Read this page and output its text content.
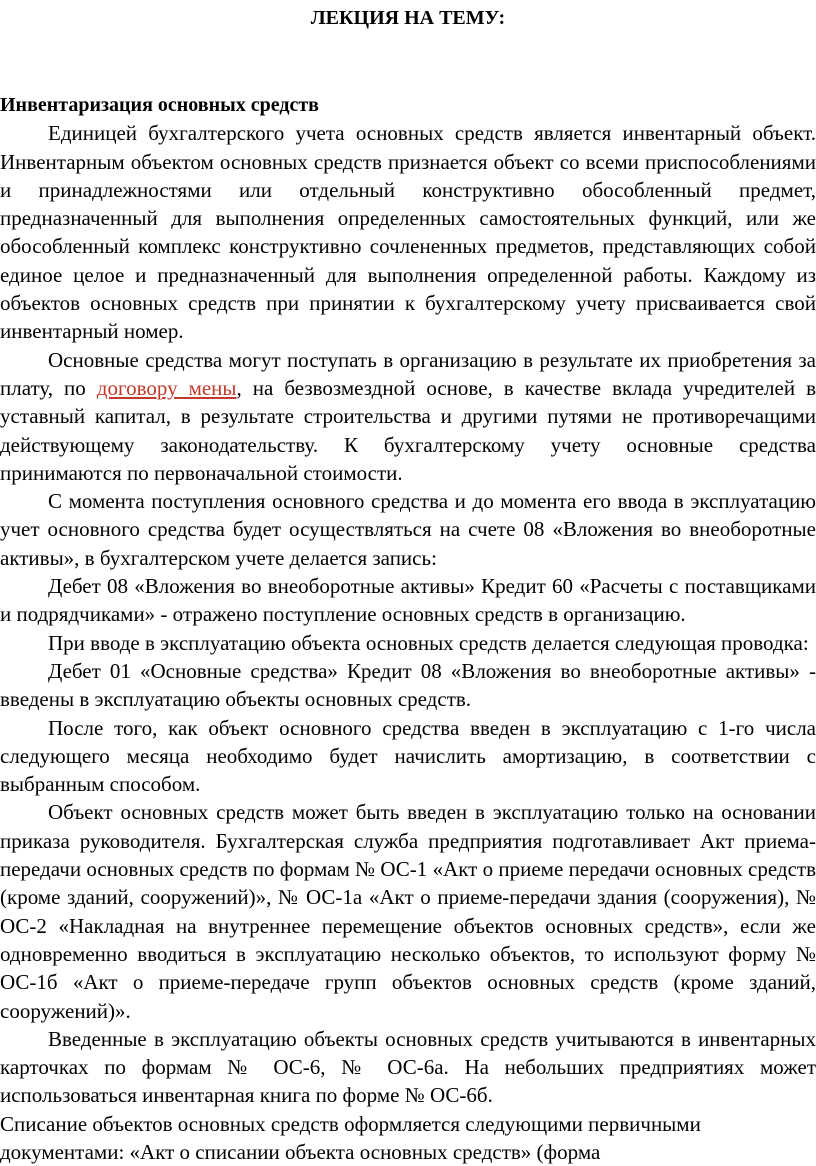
ЛЕКЦИЯ НА ТЕМУ:

Инвентаризация основных средств

Единицей бухгалтерского учета основных средств является инвентарный объект. Инвентарным объектом основных средств признается объект со всеми приспособлениями и принадлежностями или отдельный конструктивно обособленный предмет, предназначенный для выполнения определенных самостоятельных функций, или же обособленный комплекс конструктивно сочлененных предметов, представляющих собой единое целое и предназначенный для выполнения определенной работы. Каждому из объектов основных средств при принятии к бухгалтерскому учету присваивается свой инвентарный номер.

Основные средства могут поступать в организацию в результате их приобретения за плату, по договору мены, на безвозмездной основе, в качестве вклада учредителей в уставный капитал, в результате строительства и другими путями не противоречащими действующему законодательству. К бухгалтерскому учету основные средства принимаются по первоначальной стоимости.

С момента поступления основного средства и до момента его ввода в эксплуатацию учет основного средства будет осуществляться на счете 08 «Вложения во внеоборотные активы», в бухгалтерском учете делается запись:

Дебет 08 «Вложения во внеоборотные активы» Кредит 60 «Расчеты с поставщиками и подрядчиками» - отражено поступление основных средств в организацию.

При вводе в эксплуатацию объекта основных средств делается следующая проводка:

Дебет 01 «Основные средства» Кредит 08 «Вложения во внеоборотные активы» - введены в эксплуатацию объекты основных средств.

После того, как объект основного средства введен в эксплуатацию с 1-го числа следующего месяца необходимо будет начислить амортизацию, в соответствии с выбранным способом.

Объект основных средств может быть введен в эксплуатацию только на основании приказа руководителя. Бухгалтерская служба предприятия подготавливает Акт приема-передачи основных средств по формам № ОС-1 «Акт о приеме передачи основных средств (кроме зданий, сооружений)», № ОС-1а «Акт о приеме-передачи здания (сооружения), № ОС-2 «Накладная на внутреннее перемещение объектов основных средств», если же одновременно вводиться в эксплуатацию несколько объектов, то используют форму № ОС-1б «Акт о приеме-передаче групп объектов основных средств (кроме зданий, сооружений)».

Введенные в эксплуатацию объекты основных средств учитываются в инвентарных карточках по формам № ОС-6, № ОС-6а. На небольших предприятиях может использоваться инвентарная книга по форме № ОС-6б.

Списание объектов основных средств оформляется следующими первичными документами: «Акт о списании объекта основных средств» (форма
